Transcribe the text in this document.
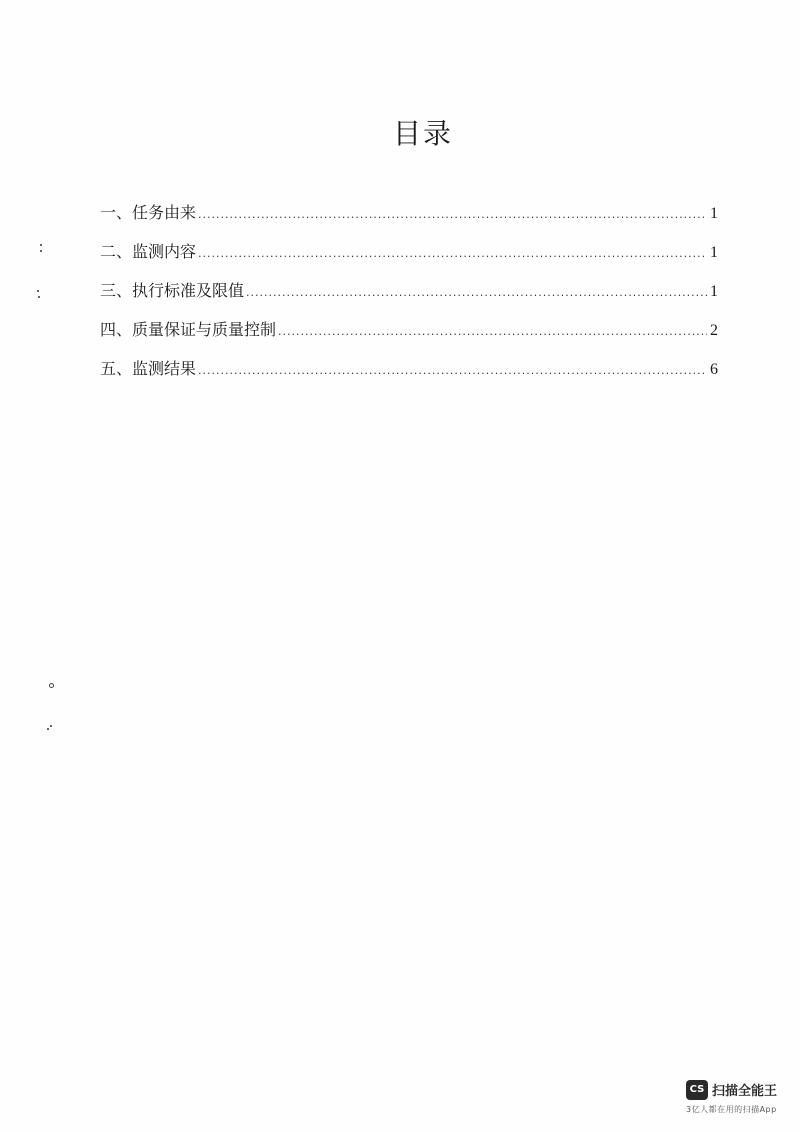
目录
一、任务由来 .....	1
二、监测内容 .....	1
三、执行标准及限值 .....	1
四、质量保证与质量控制 .....	2
五、监测结果 .....	6
CS 扫描全能王
3亿人都在用的扫描App
